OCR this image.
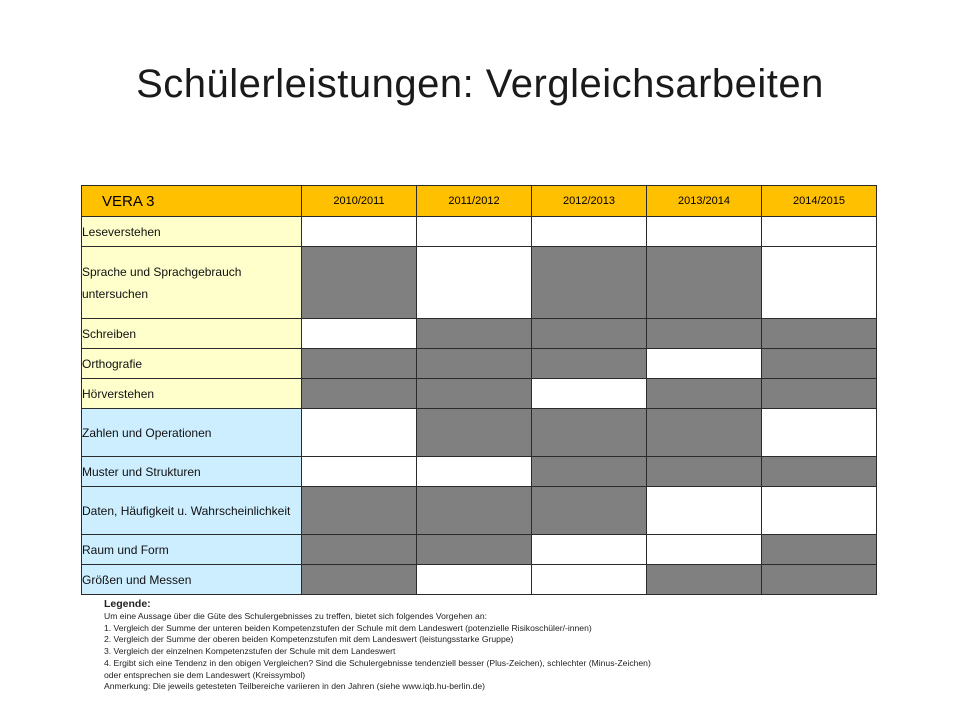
Schülerleistungen: Vergleichsarbeiten
VERA 3	2010/2011	2011/2012	2012/2013	2013/2014	2014/2015
Leseverstehen					
Sprache und Sprachgebrauch untersuchen					
Schreiben					
Orthografie					
Hörverstehen					
Zahlen und Operationen					
Muster und Strukturen					
Daten, Häufigkeit u. Wahrscheinlichkeit					
Raum und Form					
Größen und Messen					
Legende:
Um eine Aussage über die Güte des Schulergebnisses zu treffen, bietet sich folgendes Vorgehen an:
1. Vergleich der Summe der unteren beiden Kompetenzstufen der Schule mit dem Landeswert (potenzielle Risikoschüler/-innen)
2. Vergleich der Summe der oberen beiden Kompetenzstufen mit dem Landeswert (leistungsstarke Gruppe)
3. Vergleich der einzelnen Kompetenzstufen der Schule mit dem Landeswert
4. Ergibt sich eine Tendenz in den obigen Vergleichen? Sind die Schulergebnisse tendenziell besser (Plus-Zeichen), schlechter (Minus-Zeichen)
oder entsprechen sie dem Landeswert (Kreissymbol)
Anmerkung: Die jeweils getesteten Teilbereiche variieren in den Jahren (siehe www.iqb.hu-berlin.de)
